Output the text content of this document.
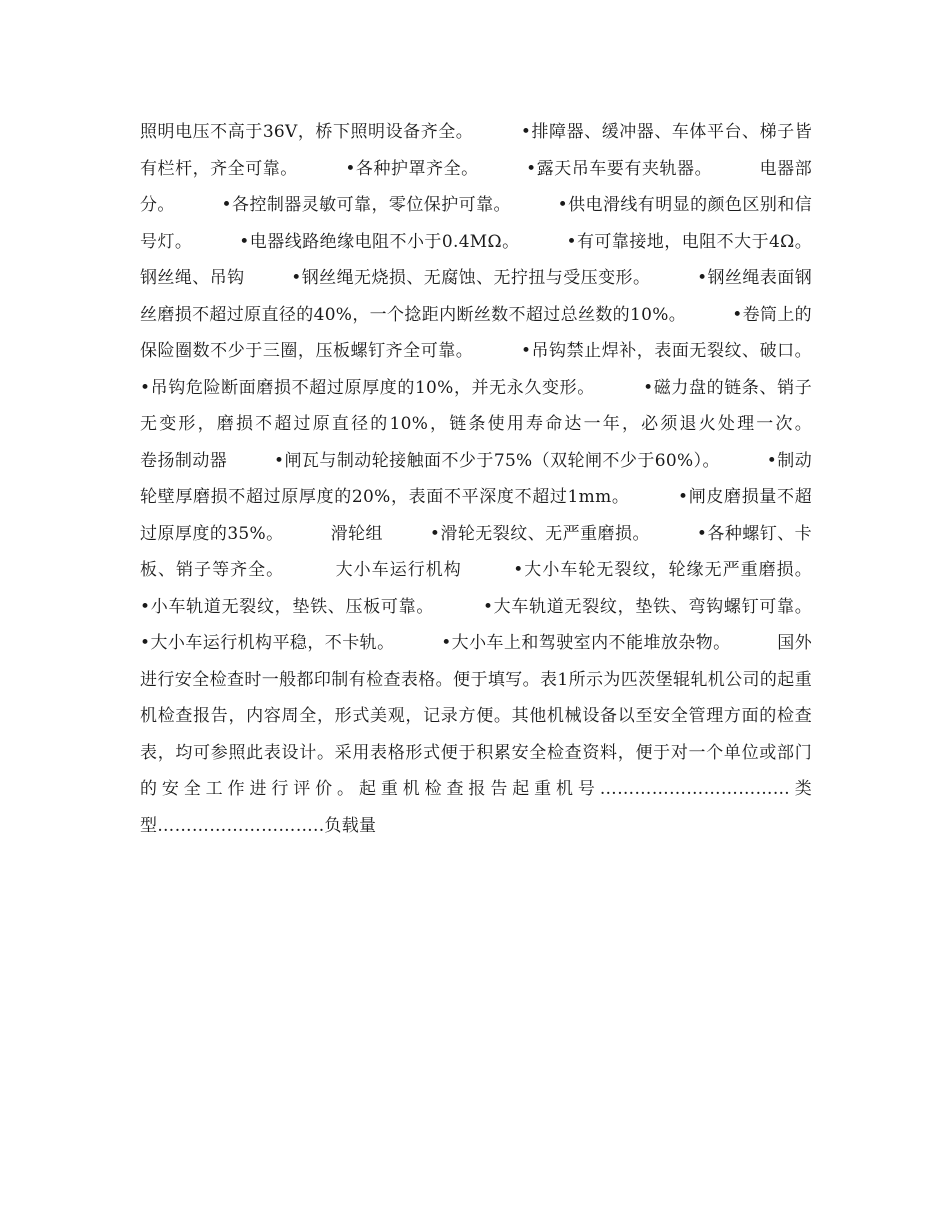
照明电压不高于36V，桥下照明设备齐全。        •排障器、缓冲器、车体平台、梯子皆有栏杆，齐全可靠。        •各种护罩齐全。        •露天吊车要有夹轨器。        电器部分。        •各控制器灵敏可靠，零位保护可靠。        •供电滑线有明显的颜色区别和信号灯。        •电器线路绝缘电阻不小于0.4MΩ。        •有可靠接地，电阻不大于4Ω。        钢丝绳、吊钩        •钢丝绳无烧损、无腐蚀、无拧扭与受压变形。        •钢丝绳表面钢丝磨损不超过原直径的40%，一个捻距内断丝数不超过总丝数的10%。        •卷筒上的保险圈数不少于三圈，压板螺钉齐全可靠。        •吊钩禁止焊补，表面无裂纹、破口。        •吊钩危险断面磨损不超过原厚度的10%，并无永久变形。        •磁力盘的链条、销子无变形，磨损不超过原直径的10%，链条使用寿命达一年，必须退火处理一次。        卷扬制动器        •闸瓦与制动轮接触面不少于75%（双轮闸不少于60%）。        •制动轮壁厚磨损不超过原厚度的20%，表面不平深度不超过1mm。        •闸皮磨损量不超过原厚度的35%。        滑轮组        •滑轮无裂纹、无严重磨损。        •各种螺钉、卡板、销子等齐全。        大小车运行机构        •大小车轮无裂纹，轮缘无严重磨损。        •小车轨道无裂纹，垫铁、压板可靠。        •大车轨道无裂纹，垫铁、弯钩螺钉可靠。        •大小车运行机构平稳，不卡轨。        •大小车上和驾驶室内不能堆放杂物。        国外进行安全检查时一般都印制有检查表格。便于填写。表1所示为匹茨堡辊轧机公司的起重机检查报告，内容周全，形式美观，记录方便。其他机械设备以至安全管理方面的检查表，均可参照此表设计。采用表格形式便于积累安全检查资料，便于对一个单位或部门的安全工作进行评价。起重机检查报告起重机号……………………………类型………………………..负载量
